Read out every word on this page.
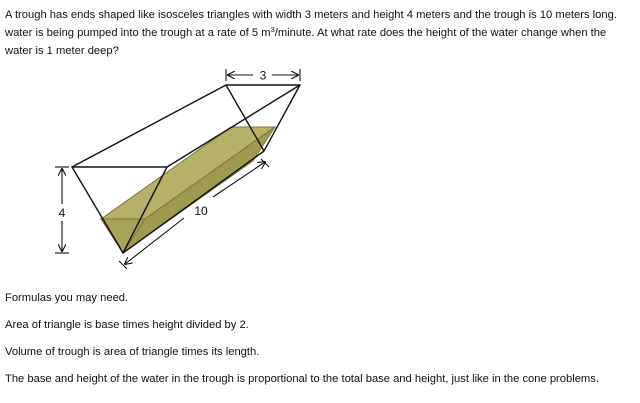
A trough has ends shaped like isosceles triangles with width 3 meters and height 4 meters and the trough is 10 meters long. water is being pumped into the trough at a rate of 5 $m^3$/minute. At what rate does the height of the water change when the water is 1 meter deep?

3
4	10

Formulas you may need.

Area of triangle is base times height divided by 2.

Volume of trough is area of triangle times its length.

The base and height of the water in the trough is proportional to the total base and height, just like in the cone problems.
